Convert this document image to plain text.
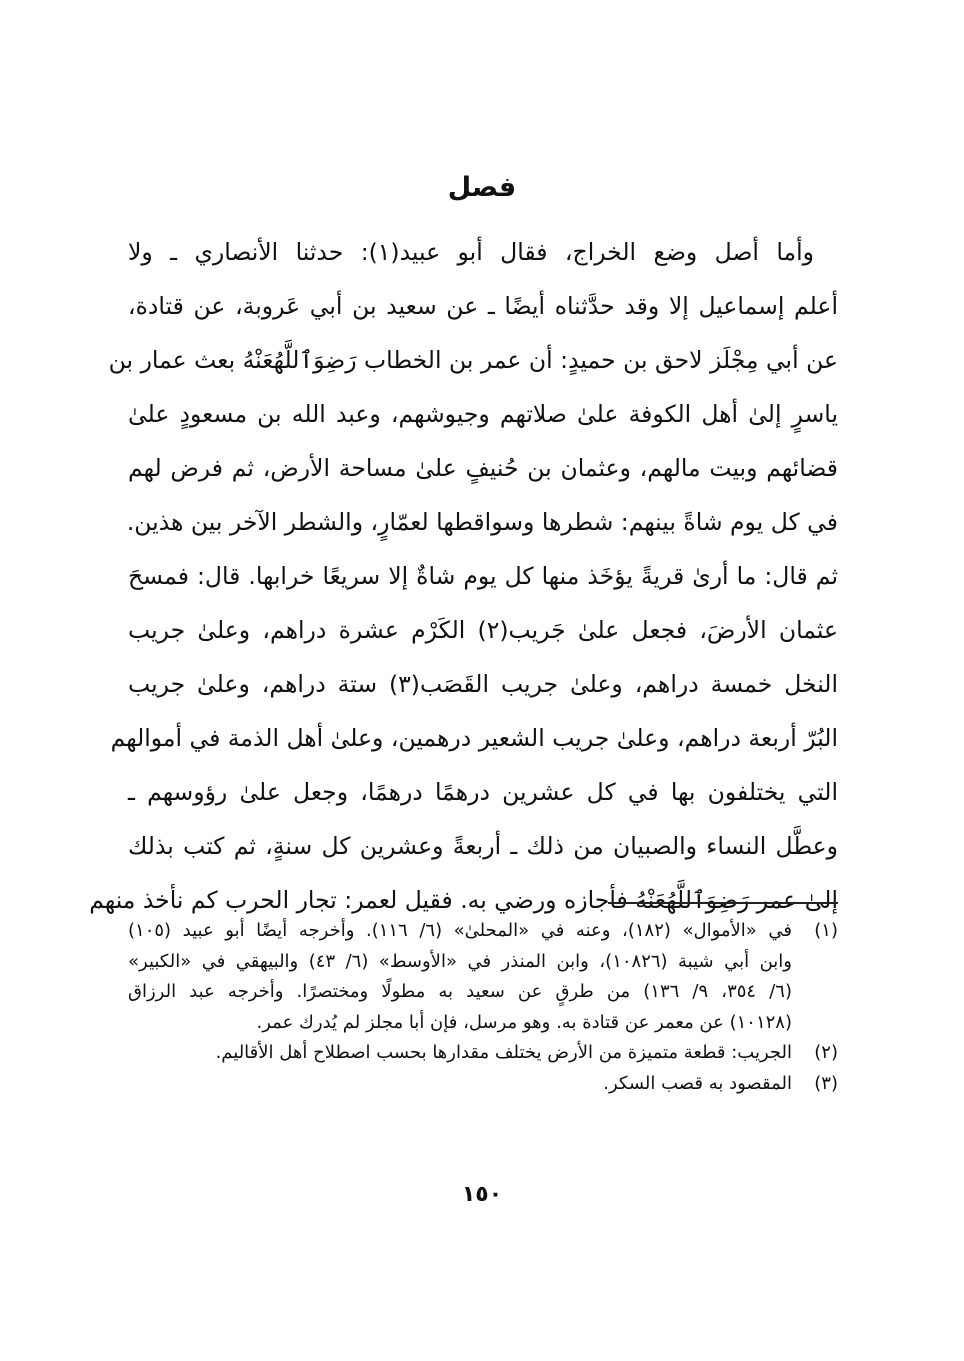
فصل
وأما أصل وضع الخراج، فقال أبو عبيد(١): حدثنا الأنصاري ـ ولا
أعلم إسماعيل إلا وقد حدَّثناه أيضًا ـ عن سعيد بن أبي عَروبة، عن قتادة،
عن أبي مِجْلَز لاحق بن حميدٍ: أن عمر بن الخطاب رَضِوَٱللَّهُعَنْهُ بعث عمار بن
ياسرٍ إلىٰ أهل الكوفة علىٰ صلاتهم وجيوشهم، وعبد الله بن مسعودٍ علىٰ
قضائهم وبيت مالهم، وعثمان بن حُنيفٍ علىٰ مساحة الأرض، ثم فرض لهم
في كل يوم شاةً بينهم: شطرها وسواقطها لعمّارٍ، والشطر الآخر بين هذين.
ثم قال: ما أرىٰ قريةً يؤخَذ منها كل يوم شاةٌ إلا سريعًا خرابها. قال: فمسحَ
عثمان الأرضَ، فجعل علىٰ جَريب(٢) الكَرْم عشرة دراهم، وعلىٰ جريب
النخل خمسة دراهم، وعلىٰ جريب القَصَب(٣) ستة دراهم، وعلىٰ جريب
البُرّ أربعة دراهم، وعلىٰ جريب الشعير درهمين، وعلىٰ أهل الذمة في أموالهم
التي يختلفون بها في كل عشرين درهمًا درهمًا، وجعل علىٰ رؤوسهم ـ
وعطَّل النساء والصبيان من ذلك ـ أربعةً وعشرين كل سنةٍ، ثم كتب بذلك
إلىٰ عمر رَضِوَٱللَّهُعَنْهُ فأجازه ورضي به. فقيل لعمر: تجار الحرب كم نأخذ منهم
(١)
في «الأموال» (١٨٢)، وعنه في «المحلىٰ» (٦/ ١١٦). وأخرجه أيضًا أبو عبيد (١٠٥)
وابن أبي شيبة (١٠٨٢٦)، وابن المنذر في «الأوسط» (٦/ ٤٣) والبيهقي في «الكبير»
(٦/ ٣٥٤، ٩/ ١٣٦) من طرقٍ عن سعيد به مطولًا ومختصرًا. وأخرجه عبد الرزاق
(١٠١٢٨) عن معمر عن قتادة به. وهو مرسل، فإن أبا مجلز لم يُدرك عمر.
(٢)
الجريب: قطعة متميزة من الأرض يختلف مقدارها بحسب اصطلاح أهل الأقاليم.
(٣)
المقصود به قصب السكر.
١٥٠
